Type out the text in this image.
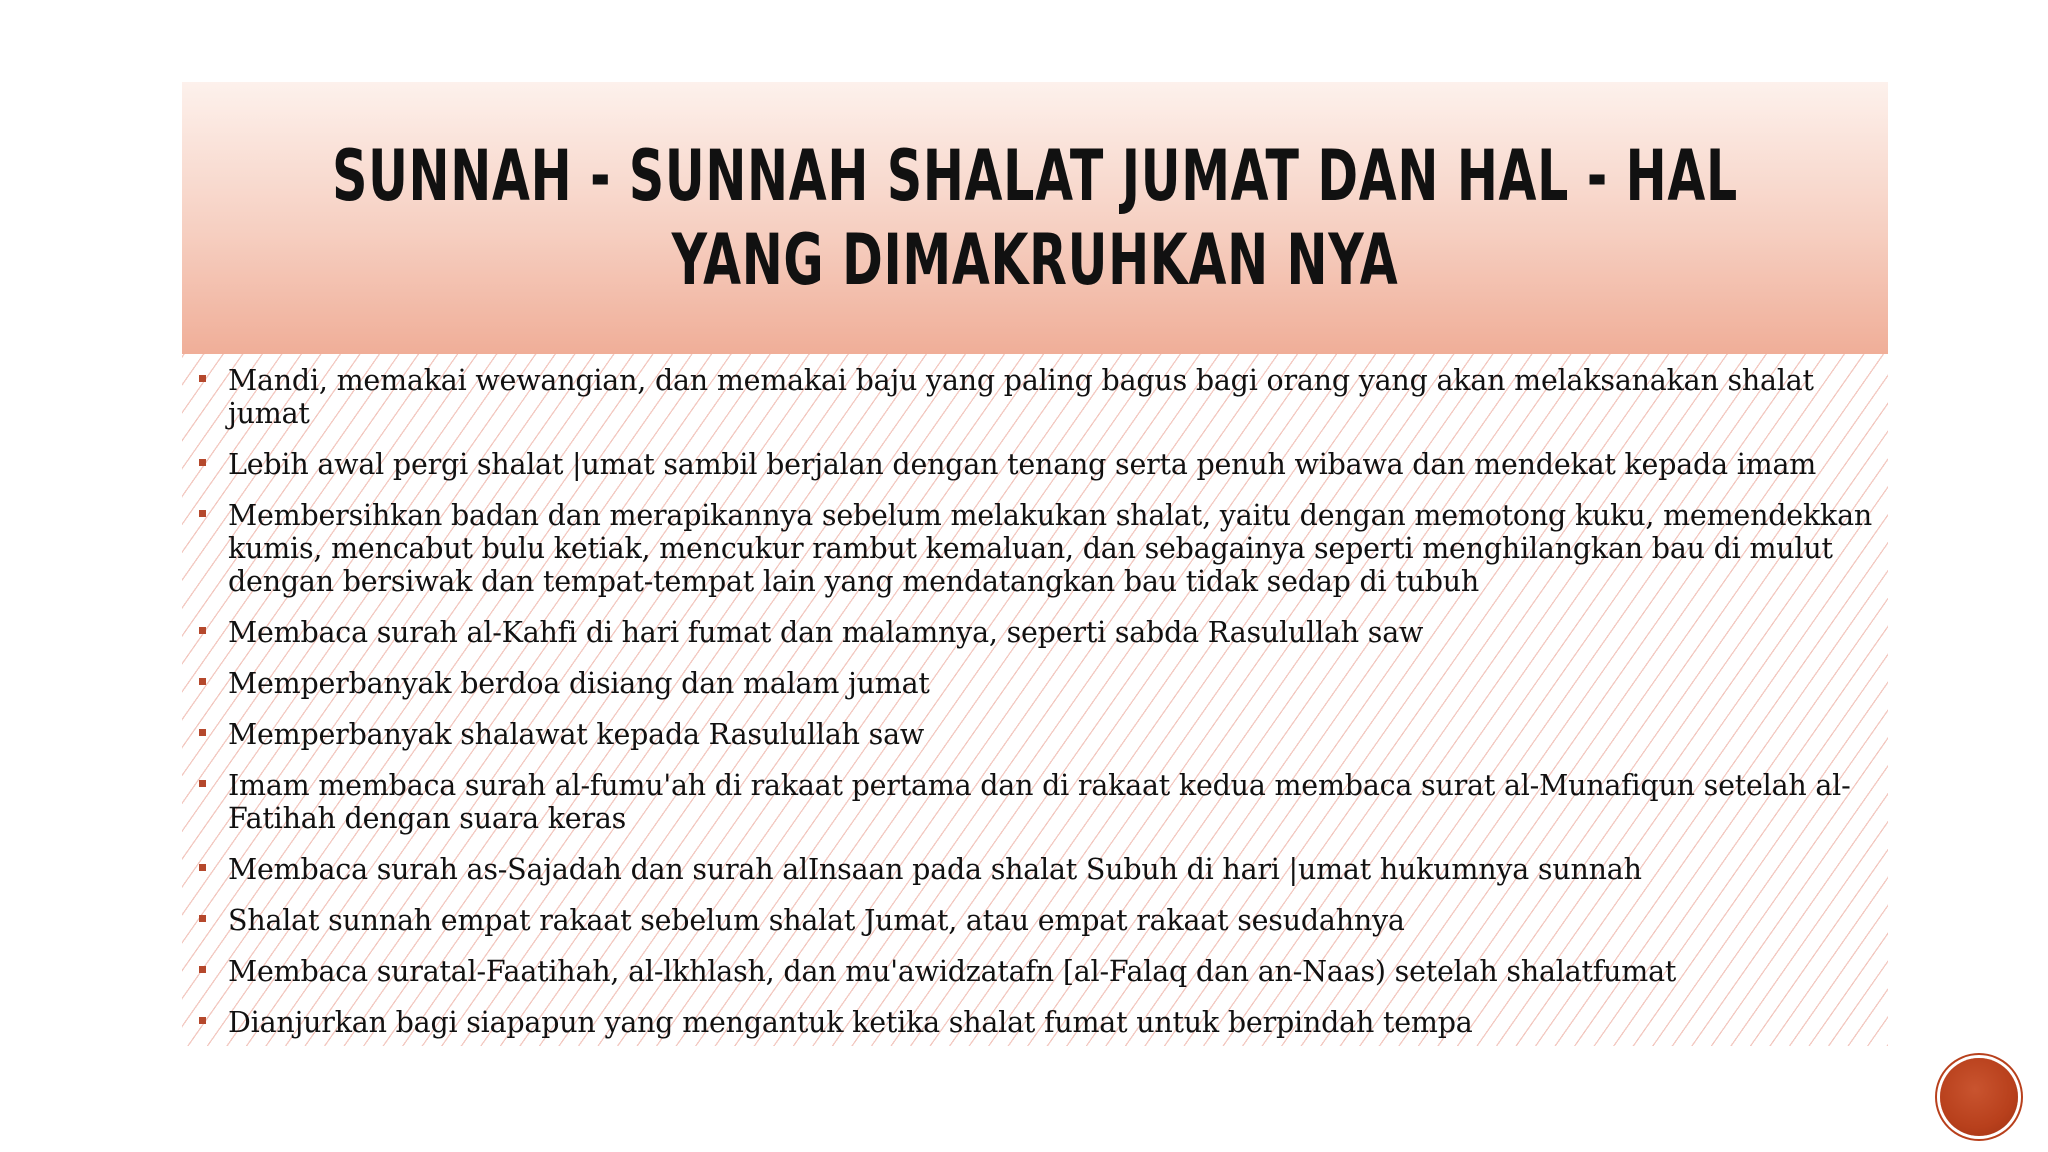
SUNNAH - SUNNAH SHALAT JUMAT DAN HAL - HAL YANG DIMAKRUHKAN NYA
Mandi, memakai wewangian, dan memakai baju yang paling bagus bagi orang yang akan melaksanakan shalat jumat
Lebih awal pergi shalat |umat sambil berjalan dengan tenang serta penuh wibawa dan mendekat kepada imam
Membersihkan badan dan merapikannya sebelum melakukan shalat, yaitu dengan memotong kuku, memendekkan kumis, mencabut bulu ketiak, mencukur rambut kemaluan, dan sebagainya seperti menghilangkan bau di mulut dengan bersiwak dan tempat-tempat lain yang mendatangkan bau tidak sedap di tubuh
Membaca surah al-Kahfi di hari fumat dan malamnya, seperti sabda Rasulullah saw
Memperbanyak berdoa disiang dan malam jumat
Memperbanyak shalawat kepada Rasulullah saw
Imam membaca surah al-fumu'ah di rakaat pertama dan di rakaat kedua membaca surat al-Munafiqun setelah al-Fatihah dengan suara keras
Membaca surah as-Sajadah dan surah alInsaan pada shalat Subuh di hari |umat hukumnya sunnah
Shalat sunnah empat rakaat sebelum shalat Jumat, atau empat rakaat sesudahnya
Membaca suratal-Faatihah, al-lkhlash, dan mu'awidzatafn [al-Falaq dan an-Naas) setelah shalatfumat
Dianjurkan bagi siapapun yang mengantuk ketika shalat fumat untuk berpindah tempa
